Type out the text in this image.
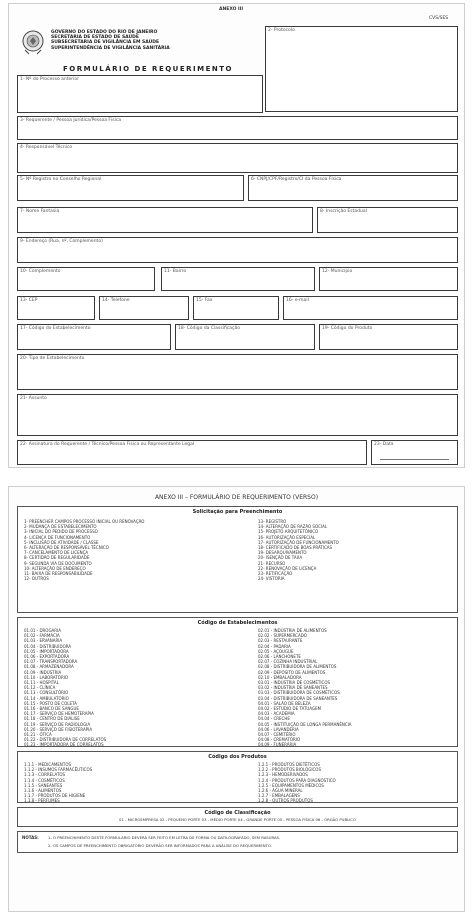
ANEXO III
CVS/SES
GOVERNO DO ESTADO DO RIO DE JANEIRO
SECRETARIA DE ESTADO DE SAÚDE
SUBSECRETARIA DE VIGILÂNCIA EM SAÚDE
SUPERINTENDÊNCIA DE VIGILÂNCIA SANITÁRIA
2- Protocolo
FORMULÁRIO DE REQUERIMENTO
1- Nº do Processo anterior
3- Requerente / Pessoa Jurídica/Pessoa Física
4- Responsável Técnico
5- Nº Registro no Conselho Regional	6- CNPJ/CPF/Registro/CI da Pessoa Física
7- Nome Fantasia	8- Inscrição Estadual
9- Endereço (Rua, nº, Complemento)
10- Complemento	11- Bairro	12- Município
13- CEP	14- Telefone	15- Fax	16- e-mail
17- Código do Estabelecimento	18- Código da Classificação	19- Código do Produto
20- Tipo de Estabelecimento
21- Assunto
22- Assinatura do Requerente / Técnico/Pessoa Física ou Representante Legal	23- Data
ANEXO III – FORMULÁRIO DE REQUERIMENTO (VERSO)
Solicitação para Preenchimento
1- PREENCHER CAMPOS PROCESSO INICIAL OU RENOVAÇÃO
2- MUDANÇA DE ESTABELECIMENTO
3- INICIAL DO PEDIDO DE PROCESSO
4- LICENÇA DE FUNCIONAMENTO
5- INCLUSÃO DE ATIVIDADE / CLASSE
6- ALTERAÇÃO DE RESPONSÁVEL TÉCNICO
7- CANCELAMENTO DE LICENÇA
8- CERTIDÃO DE REGULARIDADE
9- SEGUNDA VIA DE DOCUMENTO
10- ALTERAÇÃO DE ENDEREÇO
11- BAIXA DE RESPONSABILIDADE
12- OUTROS
13- REGISTRO
14- ALTERAÇÃO DE RAZÃO SOCIAL
15- PROJETO ARQUITETÔNICO
16- AUTORIZAÇÃO ESPECIAL
17- AUTORIZAÇÃO DE FUNCIONAMENTO
18- CERTIFICADO DE BOAS PRÁTICAS
19- DESARQUIVAMENTO
20- ISENÇÃO DE TAXA
21- RECURSO
22- RENOVAÇÃO DE LICENÇA
23- RETIFICAÇÃO
24- VISTORIA
Código de Estabelecimentos
01.01 - DROGARIA
01.02 - FARMÁCIA
01.03 - ERVANARIA
01.04 - DISTRIBUIDORA
01.05 - IMPORTADORA
01.06 - EXPORTADORA
01.07 - TRANSPORTADORA
01.08 - ARMAZENADORA
01.09 - INDÚSTRIA
01.10 - LABORATÓRIO
01.11 - HOSPITAL
01.12 - CLÍNICA
01.13 - CONSULTÓRIO
01.14 - AMBULATÓRIO
01.15 - POSTO DE COLETA
01.16 - BANCO DE SANGUE
01.17 - SERVIÇO DE HEMOTERAPIA
01.18 - CENTRO DE DIÁLISE
01.19 - SERVIÇO DE RADIOLOGIA
01.20 - SERVIÇO DE FISIOTERAPIA
01.21 - ÓTICA
01.22 - DISTRIBUIDORA DE CORRELATOS
01.23 - IMPORTADORA DE CORRELATOS
02.01 - INDÚSTRIA DE ALIMENTOS
02.02 - SUPERMERCADO
02.03 - RESTAURANTE
02.04 - PADARIA
02.05 - AÇOUGUE
02.06 - LANCHONETE
02.07 - COZINHA INDUSTRIAL
02.08 - DISTRIBUIDORA DE ALIMENTOS
02.09 - DEPÓSITO DE ALIMENTOS
02.10 - EMBALADORA
03.01 - INDÚSTRIA DE COSMÉTICOS
03.02 - INDÚSTRIA DE SANEANTES
03.03 - DISTRIBUIDORA DE COSMÉTICOS
03.04 - DISTRIBUIDORA DE SANEANTES
04.01 - SALÃO DE BELEZA
04.02 - ESTÚDIO DE TATUAGEM
04.03 - ACADEMIA
04.04 - CRECHE
04.05 - INSTITUIÇÃO DE LONGA PERMANÊNCIA
04.06 - LAVANDERIA
04.07 - CEMITÉRIO
04.08 - CREMATÓRIO
04.09 - FUNERÁRIA
Código dos Produtos
1.1.1 - MEDICAMENTOS
1.1.2 - INSUMOS FARMACÊUTICOS
1.1.3 - CORRELATOS
1.1.4 - COSMÉTICOS
1.1.5 - SANEANTES
1.1.6 - ALIMENTOS
1.1.7 - PRODUTOS DE HIGIENE
1.1.8 - PERFUMES
1.2.1 - PRODUTOS DIETÉTICOS
1.2.2 - PRODUTOS BIOLÓGICOS
1.2.3 - HEMODERIVADOS
1.2.4 - PRODUTOS PARA DIAGNÓSTICO
1.2.5 - EQUIPAMENTOS MÉDICOS
1.2.6 - ÁGUA MINERAL
1.2.7 - EMBALAGENS
1.2.8 - OUTROS PRODUTOS
Código de Classificação
01 - MICROEMPRESA 02 - PEQUENO PORTE 03 - MÉDIO PORTE 04 - GRANDE PORTE 05 - PESSOA FÍSICA 06 - ÓRGÃO PÚBLICO
NOTAS: 1- O PREENCHIMENTO DESTE FORMULÁRIO DEVERÁ SER FEITO EM LETRA DE FORMA OU DATILOGRAFADO, SEM RASURAS.
2- OS CAMPOS DE PREENCHIMENTO OBRIGATÓRIO DEVERÃO SER INFORMADOS PARA A ANÁLISE DO REQUERIMENTO.
